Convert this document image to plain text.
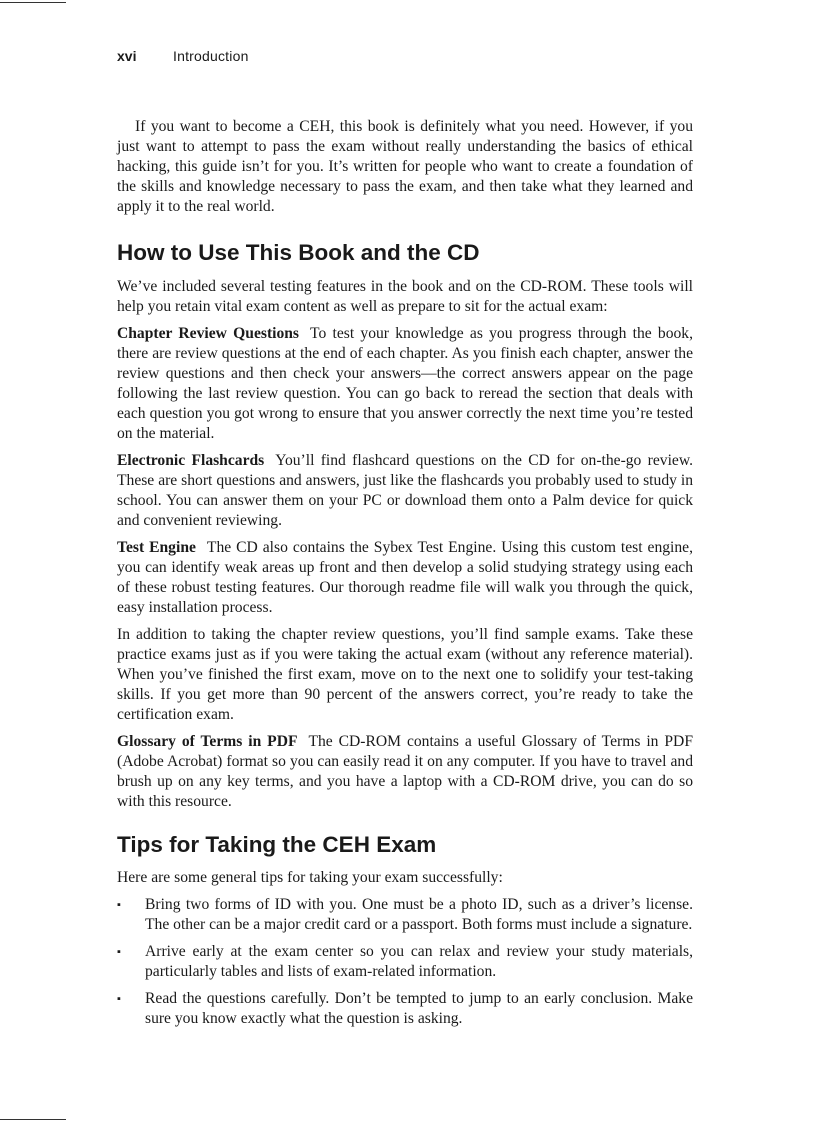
xvi	Introduction

If you want to become a CEH, this book is definitely what you need. However, if you just want to attempt to pass the exam without really understanding the basics of ethical hacking, this guide isn’t for you. It’s written for people who want to create a foundation of the skills and knowledge necessary to pass the exam, and then take what they learned and apply it to the real world.

How to Use This Book and the CD

We’ve included several testing features in the book and on the CD-ROM. These tools will help you retain vital exam content as well as prepare to sit for the actual exam:

Chapter Review Questions To test your knowledge as you progress through the book, there are review questions at the end of each chapter. As you finish each chapter, answer the review questions and then check your answers—the correct answers appear on the page following the last review question. You can go back to reread the section that deals with each question you got wrong to ensure that you answer correctly the next time you’re tested on the material.

Electronic Flashcards You’ll find flashcard questions on the CD for on-the-go review. These are short questions and answers, just like the flashcards you probably used to study in school. You can answer them on your PC or download them onto a Palm device for quick and convenient reviewing.

Test Engine The CD also contains the Sybex Test Engine. Using this custom test engine, you can identify weak areas up front and then develop a solid studying strategy using each of these robust testing features. Our thorough readme file will walk you through the quick, easy installation process.

In addition to taking the chapter review questions, you’ll find sample exams. Take these practice exams just as if you were taking the actual exam (without any reference material). When you’ve finished the first exam, move on to the next one to solidify your test-taking skills. If you get more than 90 percent of the answers correct, you’re ready to take the certification exam.

Glossary of Terms in PDF The CD-ROM contains a useful Glossary of Terms in PDF (Adobe Acrobat) format so you can easily read it on any computer. If you have to travel and brush up on any key terms, and you have a laptop with a CD-ROM drive, you can do so with this resource.

Tips for Taking the CEH Exam

Here are some general tips for taking your exam successfully:

▪ Bring two forms of ID with you. One must be a photo ID, such as a driver’s license. The other can be a major credit card or a passport. Both forms must include a signature.
▪ Arrive early at the exam center so you can relax and review your study materials, particularly tables and lists of exam-related information.
▪ Read the questions carefully. Don’t be tempted to jump to an early conclusion. Make sure you know exactly what the question is asking.
